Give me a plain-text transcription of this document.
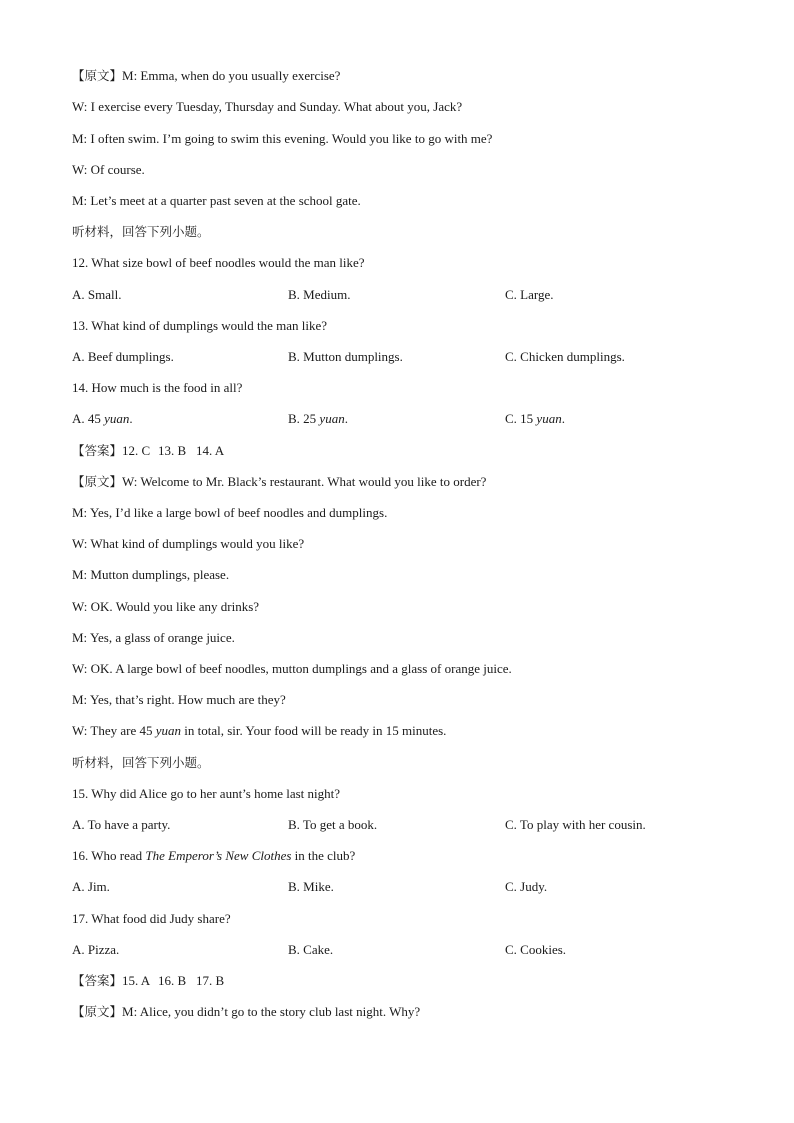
【原文】M: Emma, when do you usually exercise?
W: I exercise every Tuesday, Thursday and Sunday. What about you, Jack?
M: I often swim. I’m going to swim this evening. Would you like to go with me?
W: Of course.
M: Let’s meet at a quarter past seven at the school gate.
听材料，回答下列小题。
12. What size bowl of beef noodles would the man like?
A. Small.	B. Medium.	C. Large.
13. What kind of dumplings would the man like?
A. Beef dumplings.	B. Mutton dumplings.	C. Chicken dumplings.
14. How much is the food in all?
A. 45 yuan.	B. 25 yuan.	C. 15 yuan.
【答案】12. C 13. B 14. A
【原文】W: Welcome to Mr. Black’s restaurant. What would you like to order?
M: Yes, I’d like a large bowl of beef noodles and dumplings.
W: What kind of dumplings would you like?
M: Mutton dumplings, please.
W: OK. Would you like any drinks?
M: Yes, a glass of orange juice.
W: OK. A large bowl of beef noodles, mutton dumplings and a glass of orange juice.
M: Yes, that’s right. How much are they?
W: They are 45 yuan in total, sir. Your food will be ready in 15 minutes.
听材料，回答下列小题。
15. Why did Alice go to her aunt’s home last night?
A. To have a party.	B. To get a book.	C. To play with her cousin.
16. Who read The Emperor’s New Clothes in the club?
A. Jim.	B. Mike.	C. Judy.
17. What food did Judy share?
A. Pizza.	B. Cake.	C. Cookies.
【答案】15. A 16. B 17. B
【原文】M: Alice, you didn’t go to the story club last night. Why?
